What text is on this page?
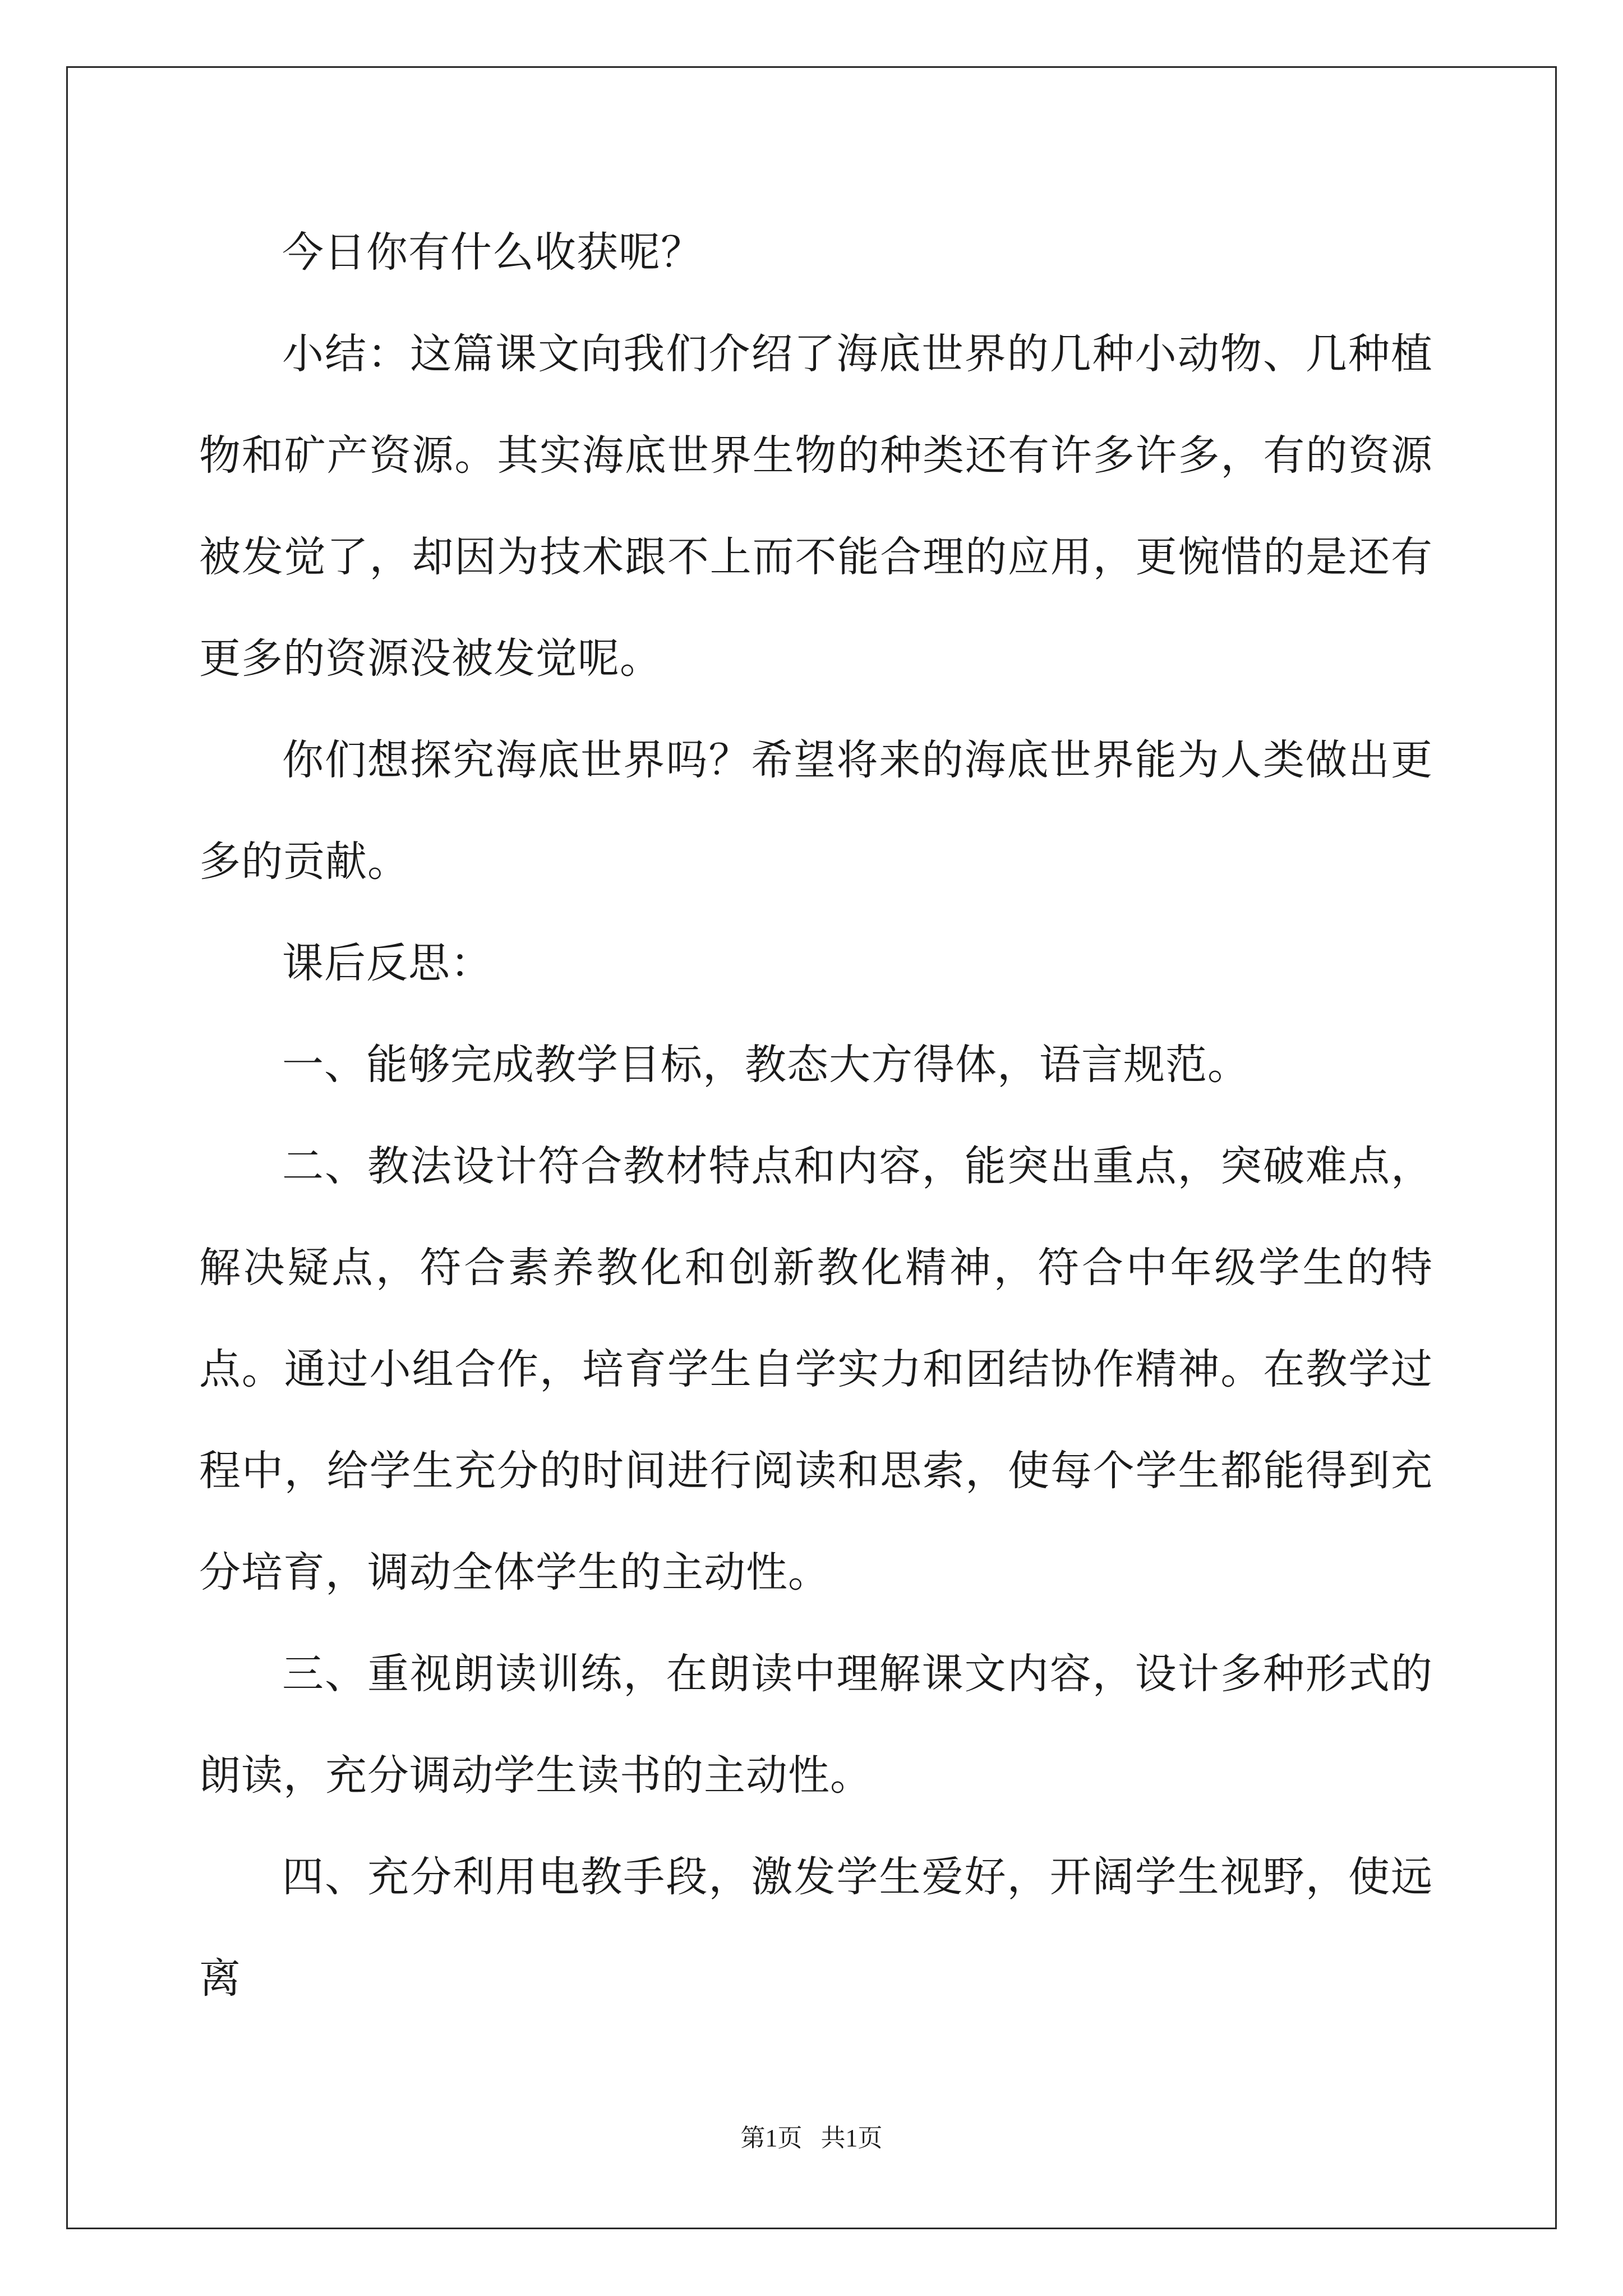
今日你有什么收获呢？

小结：这篇课文向我们介绍了海底世界的几种小动物、几种植物和矿产资源。其实海底世界生物的种类还有许多许多，有的资源被发觉了，却因为技术跟不上而不能合理的应用，更惋惜的是还有更多的资源没被发觉呢。

你们想探究海底世界吗？希望将来的海底世界能为人类做出更多的贡献。

课后反思：

一、能够完成教学目标，教态大方得体，语言规范。

二、教法设计符合教材特点和内容，能突出重点，突破难点，解决疑点，符合素养教化和创新教化精神，符合中年级学生的特点。通过小组合作，培育学生自学实力和团结协作精神。在教学过程中，给学生充分的时间进行阅读和思索，使每个学生都能得到充分培育，调动全体学生的主动性。

三、重视朗读训练，在朗读中理解课文内容，设计多种形式的朗读，充分调动学生读书的主动性。

四、充分利用电教手段，激发学生爱好，开阔学生视野，使远离

第1页   共1页
